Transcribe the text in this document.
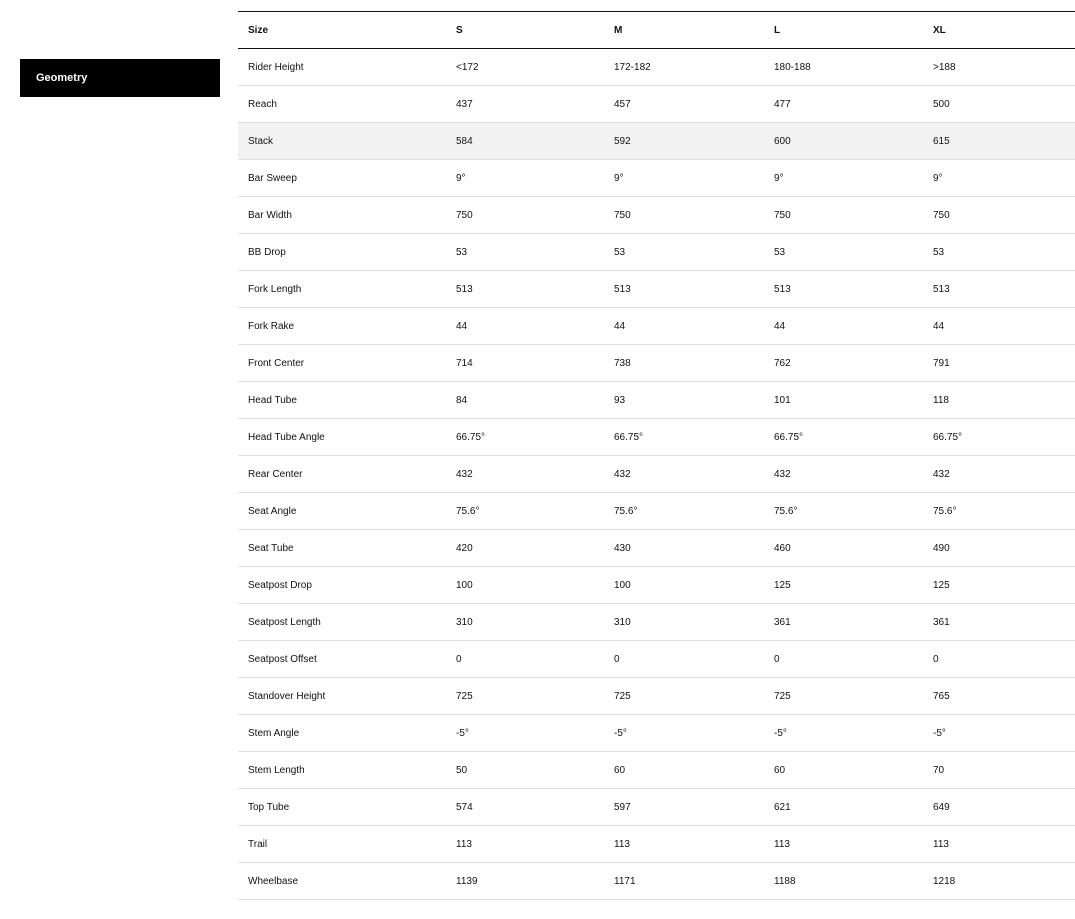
Geometry
Size	S	M	L	XL
Rider Height	<172	172-182	180-188	>188
Reach	437	457	477	500
Stack	584	592	600	615
Bar Sweep	9°	9°	9°	9°
Bar Width	750	750	750	750
BB Drop	53	53	53	53
Fork Length	513	513	513	513
Fork Rake	44	44	44	44
Front Center	714	738	762	791
Head Tube	84	93	101	118
Head Tube Angle	66.75°	66.75°	66.75°	66.75°
Rear Center	432	432	432	432
Seat Angle	75.6°	75.6°	75.6°	75.6°
Seat Tube	420	430	460	490
Seatpost Drop	100	100	125	125
Seatpost Length	310	310	361	361
Seatpost Offset	0	0	0	0
Standover Height	725	725	725	765
Stem Angle	-5°	-5°	-5°	-5°
Stem Length	50	60	60	70
Top Tube	574	597	621	649
Trail	113	113	113	113
Wheelbase	1139	1171	1188	1218
